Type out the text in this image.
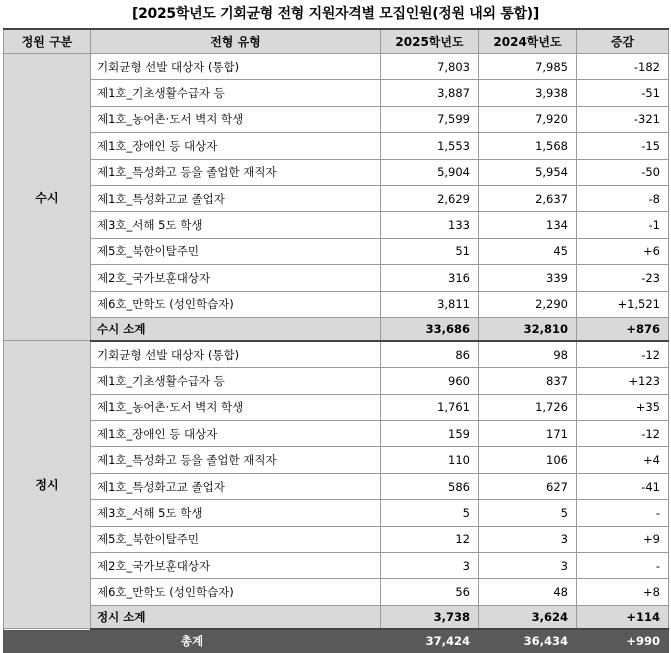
[2025학년도 기회균형 전형 지원자격별 모집인원(정원 내외 통합)]
정원 구분	전형 유형	2025학년도	2024학년도	증감
수시	기회균형 선발 대상자 (통합)	7,803	7,985	-182
	제1호_기초생활수급자 등	3,887	3,938	-51
	제1호_농어촌·도서 벽지 학생	7,599	7,920	-321
	제1호_장애인 등 대상자	1,553	1,568	-15
	제1호_특성화고 등을 졸업한 재직자	5,904	5,954	-50
	제1호_특성화고교 졸업자	2,629	2,637	-8
	제3호_서해 5도 학생	133	134	-1
	제5호_북한이탈주민	51	45	+6
	제2호_국가보훈대상자	316	339	-23
	제6호_만학도 (성인학습자)	3,811	2,290	+1,521
	수시 소계	33,686	32,810	+876
정시	기회균형 선발 대상자 (통합)	86	98	-12
	제1호_기초생활수급자 등	960	837	+123
	제1호_농어촌·도서 벽지 학생	1,761	1,726	+35
	제1호_장애인 등 대상자	159	171	-12
	제1호_특성화고 등을 졸업한 재직자	110	106	+4
	제1호_특성화고교 졸업자	586	627	-41
	제3호_서해 5도 학생	5	5	-
	제5호_북한이탈주민	12	3	+9
	제2호_국가보훈대상자	3	3	-
	제6호_만학도 (성인학습자)	56	48	+8
	정시 소계	3,738	3,624	+114
총계		37,424	36,434	+990
